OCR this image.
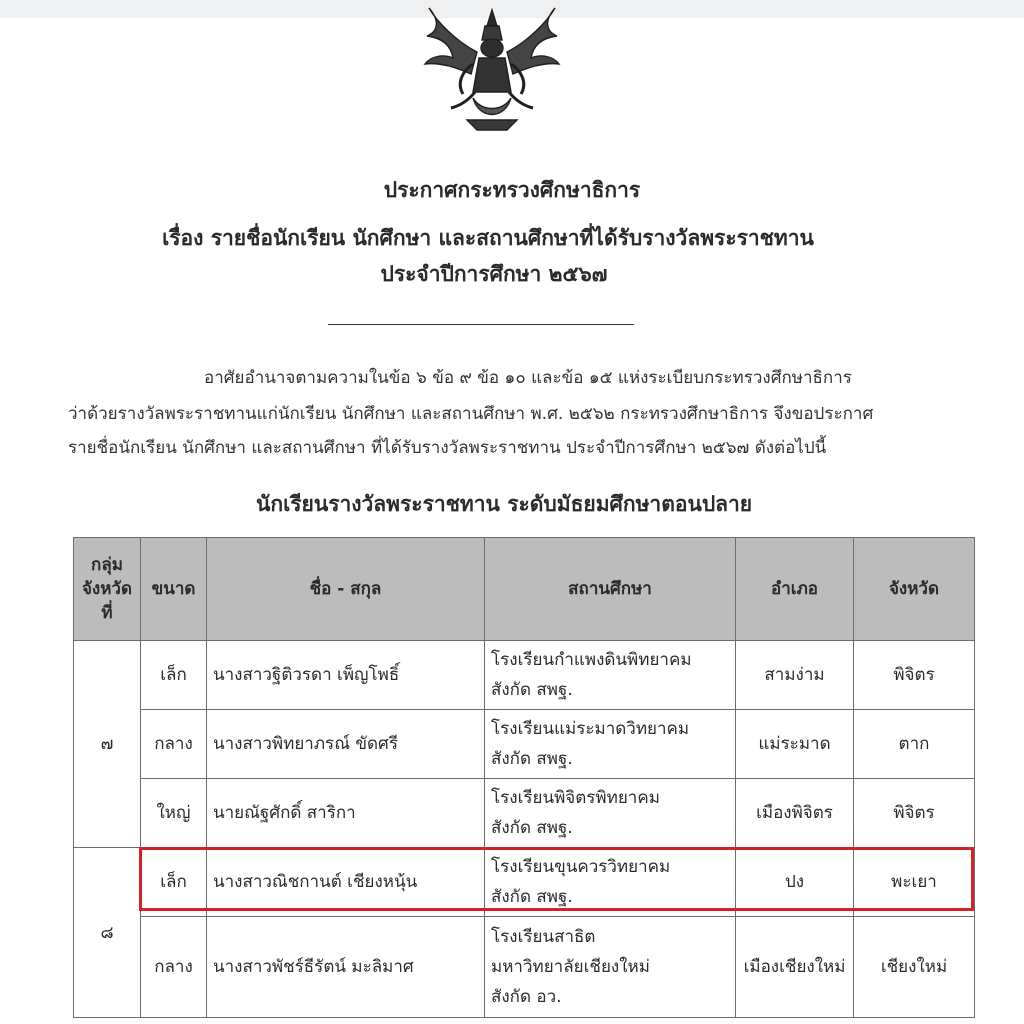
ประกาศกระทรวงศึกษาธิการ
เรื่อง รายชื่อนักเรียน นักศึกษา และสถานศึกษาที่ได้รับรางวัลพระราชทาน
ประจำปีการศึกษา ๒๕๖๗
อาศัยอำนาจตามความในข้อ ๖ ข้อ ๙ ข้อ ๑๐ และข้อ ๑๕ แห่งระเบียบกระทรวงศึกษาธิการ
ว่าด้วยรางวัลพระราชทานแก่นักเรียน นักศึกษา และสถานศึกษา พ.ศ. ๒๕๖๒ กระทรวงศึกษาธิการ จึงขอประกาศ
รายชื่อนักเรียน นักศึกษา และสถานศึกษา ที่ได้รับรางวัลพระราชทาน ประจำปีการศึกษา ๒๕๖๗ ดังต่อไปนี้
นักเรียนรางวัลพระราชทาน ระดับมัธยมศึกษาตอนปลาย
กลุ่ม จังหวัด ที่	ขนาด	ชื่อ - สกุล	สถานศึกษา	อำเภอ	จังหวัด
๗	เล็ก	นางสาวฐิติวรดา เพ็ญโพธิ์	โรงเรียนกำแพงดินพิทยาคม
สังกัด สพฐ.	สามง่าม	พิจิตร
	กลาง	นางสาวพิทยาภรณ์ ขัดศรี	โรงเรียนแม่ระมาดวิทยาคม
สังกัด สพฐ.	แม่ระมาด	ตาก
	ใหญ่	นายณัฐศักดิ์ สาริกา	โรงเรียนพิจิตรพิทยาคม
สังกัด สพฐ.	เมืองพิจิตร	พิจิตร
๘	เล็ก	นางสาวณิชกานต์ เชียงหนุ้น	โรงเรียนขุนควรวิทยาคม
สังกัด สพฐ.	ปง	พะเยา
	กลาง	นางสาวพัชร์ธีรัตน์ มะลิมาศ	โรงเรียนสาธิต
มหาวิทยาลัยเชียงใหม่
สังกัด อว.	เมืองเชียงใหม่	เชียงใหม่
